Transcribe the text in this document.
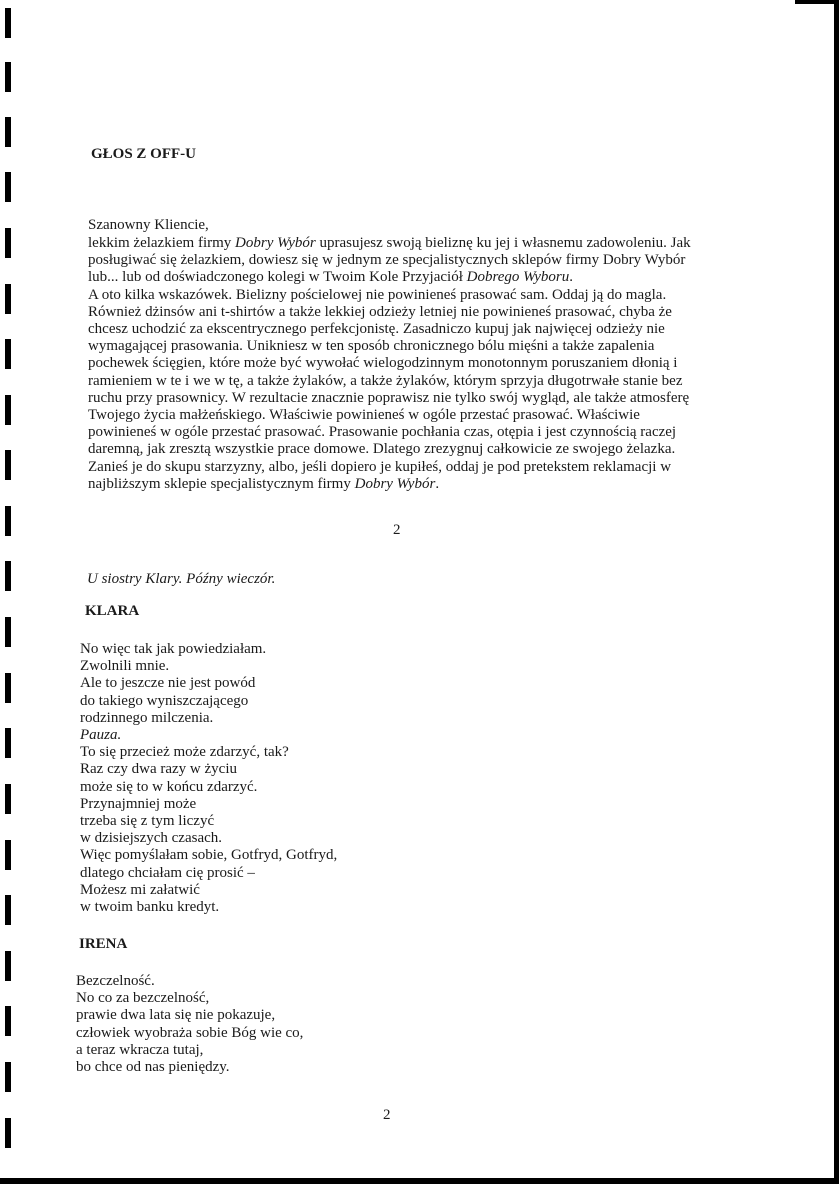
GŁOS Z OFF-U
Szanowny Kliencie,
lekkim żelazkiem firmy Dobry Wybór uprasujesz swoją bieliznę ku jej i własnemu zadowoleniu. Jak
posługiwać się żelazkiem, dowiesz się w jednym ze specjalistycznych sklepów firmy Dobry Wybór
lub... lub od doświadczonego kolegi w Twoim Kole Przyjaciół Dobrego Wyboru.
A oto kilka wskazówek. Bielizny pościelowej nie powinieneś prasować sam. Oddaj ją do magla.
Również dżinsów ani t-shirtów a także lekkiej odzieży letniej nie powinieneś prasować, chyba że
chcesz uchodzić za ekscentrycznego perfekcjonistę. Zasadniczo kupuj jak najwięcej odzieży nie
wymagającej prasowania. Unikniesz w ten sposób chronicznego bólu mięśni a także zapalenia
pochewek ścięgien, które może być wywołać wielogodzinnym monotonnym poruszaniem dłonią i
ramieniem w te i we w tę, a także żylaków, a także żylaków, którym sprzyja długotrwałe stanie bez
ruchu przy prasownicy. W rezultacie znacznie poprawisz nie tylko swój wygląd, ale także atmosferę
Twojego życia małżeńskiego. Właściwie powinieneś w ogóle przestać prasować. Właściwie
powinieneś w ogóle przestać prasować. Prasowanie pochłania czas, otępia i jest czynnością raczej
daremną, jak zresztą wszystkie prace domowe. Dlatego zrezygnuj całkowicie ze swojego żelazka.
Zanieś je do skupu starzyzny, albo, jeśli dopiero je kupiłeś, oddaj je pod pretekstem reklamacji w
najbliższym sklepie specjalistycznym firmy Dobry Wybór.
2
U siostry Klary. Późny wieczór.
KLARA
No więc tak jak powiedziałam.
Zwolnili mnie.
Ale to jeszcze nie jest powód
do takiego wyniszczającego
rodzinnego milczenia.
Pauza.
To się przecież może zdarzyć, tak?
Raz czy dwa razy w życiu
może się to w końcu zdarzyć.
Przynajmniej może
trzeba się z tym liczyć
w dzisiejszych czasach.
Więc pomyślałam sobie, Gotfryd, Gotfryd,
dlatego chciałam cię prosić –
Możesz mi załatwić
w twoim banku kredyt.
IRENA
Bezczelność.
No co za bezczelność,
prawie dwa lata się nie pokazuje,
człowiek wyobraża sobie Bóg wie co,
a teraz wkracza tutaj,
bo chce od nas pieniędzy.
2
